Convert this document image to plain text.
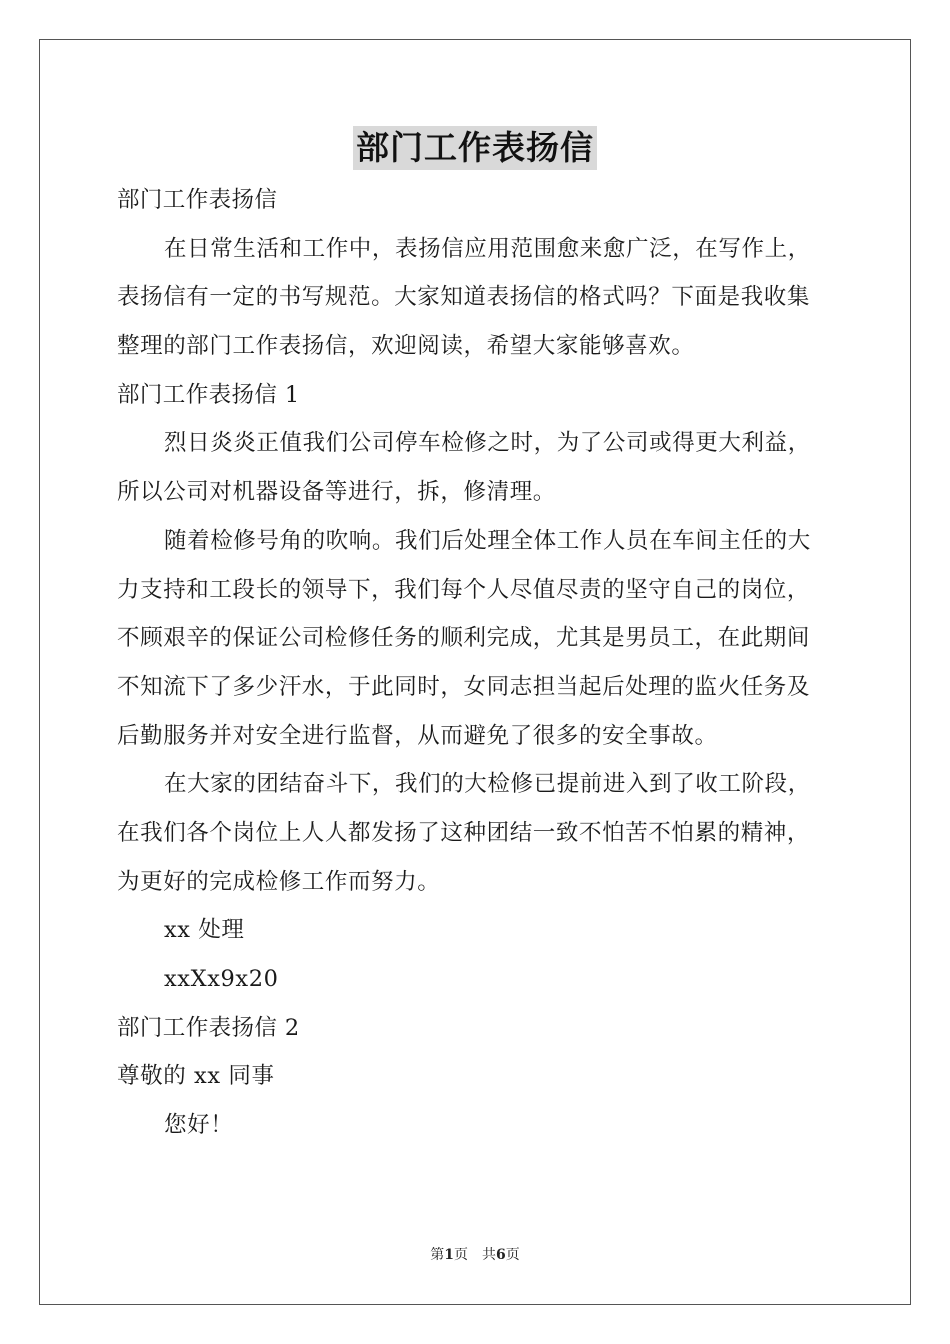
部门工作表扬信
部门工作表扬信
在日常生活和工作中，表扬信应用范围愈来愈广泛，在写作上，
表扬信有一定的书写规范。大家知道表扬信的格式吗？下面是我收集
整理的部门工作表扬信，欢迎阅读，希望大家能够喜欢。
部门工作表扬信 1
烈日炎炎正值我们公司停车检修之时，为了公司或得更大利益，
所以公司对机器设备等进行，拆，修清理。
随着检修号角的吹响。我们后处理全体工作人员在车间主任的大
力支持和工段长的领导下，我们每个人尽值尽责的坚守自己的岗位，
不顾艰辛的保证公司检修任务的顺利完成，尤其是男员工，在此期间
不知流下了多少汗水，于此同时，女同志担当起后处理的监火任务及
后勤服务并对安全进行监督，从而避免了很多的安全事故。
在大家的团结奋斗下，我们的大检修已提前进入到了收工阶段，
在我们各个岗位上人人都发扬了这种团结一致不怕苦不怕累的精神，
为更好的完成检修工作而努力。
xx 处理
xxXx9x20
部门工作表扬信 2
尊敬的 xx 同事
您好！
第1页 共6页
